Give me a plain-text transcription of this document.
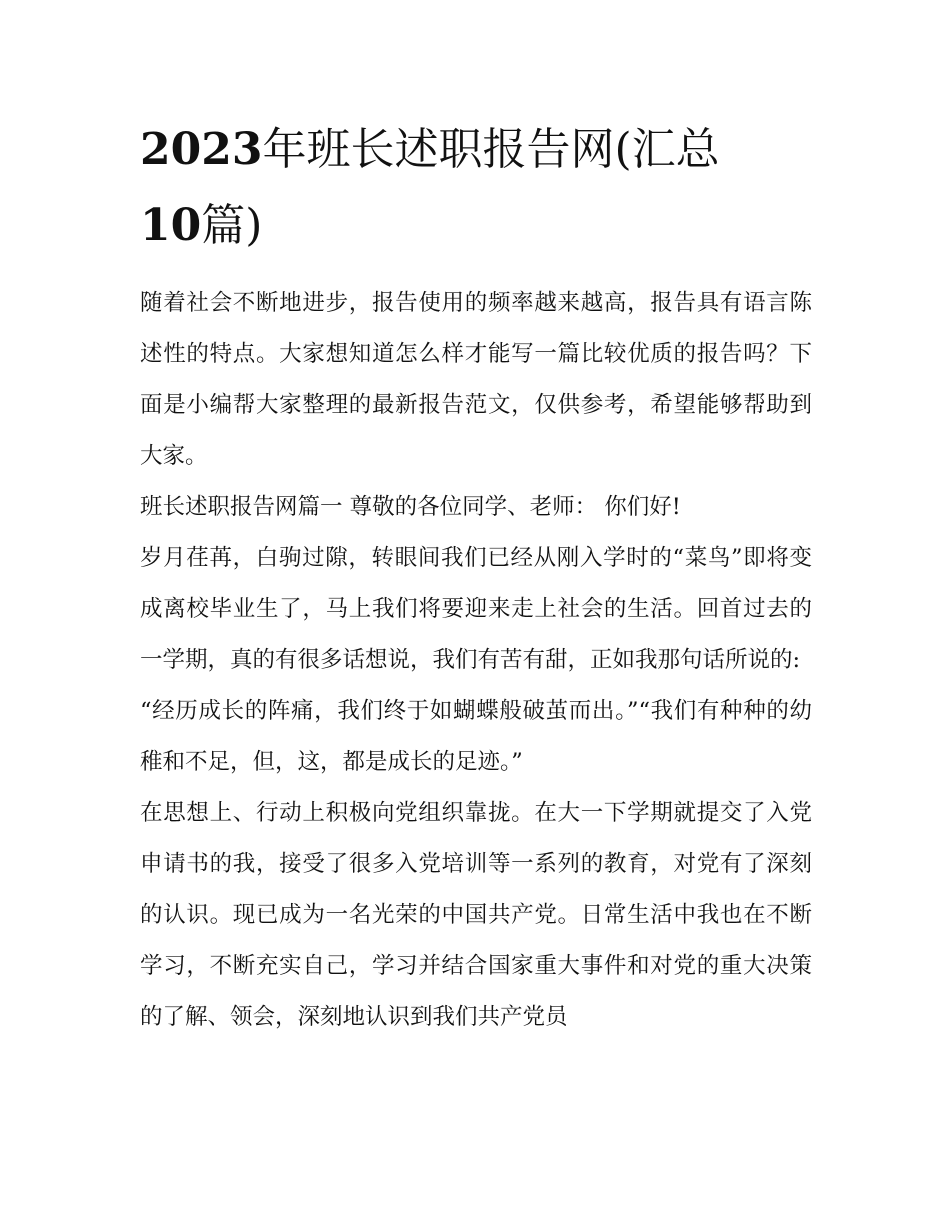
2023年班长述职报告网(汇总
10篇)

随着社会不断地进步，报告使用的频率越来越高，报告具有语言陈述性的特点。大家想知道怎么样才能写一篇比较优质的报告吗？下面是小编帮大家整理的最新报告范文，仅供参考，希望能够帮助到大家。

班长述职报告网篇一 尊敬的各位同学、老师： 你们好!

岁月荏苒，白驹过隙，转眼间我们已经从刚入学时的“菜鸟”即将变成离校毕业生了，马上我们将要迎来走上社会的生活。回首过去的一学期，真的有很多话想说，我们有苦有甜，正如我那句话所说的:

“经历成长的阵痛，我们终于如蝴蝶般破茧而出。”“我们有种种的幼稚和不足，但，这，都是成长的足迹。”

在思想上、行动上积极向党组织靠拢。在大一下学期就提交了入党申请书的我，接受了很多入党培训等一系列的教育，对党有了深刻的认识。现已成为一名光荣的中国共产党。日常生活中我也在不断学习，不断充实自己，学习并结合国家重大事件和对党的重大决策的了解、领会，深刻地认识到我们共产党员
